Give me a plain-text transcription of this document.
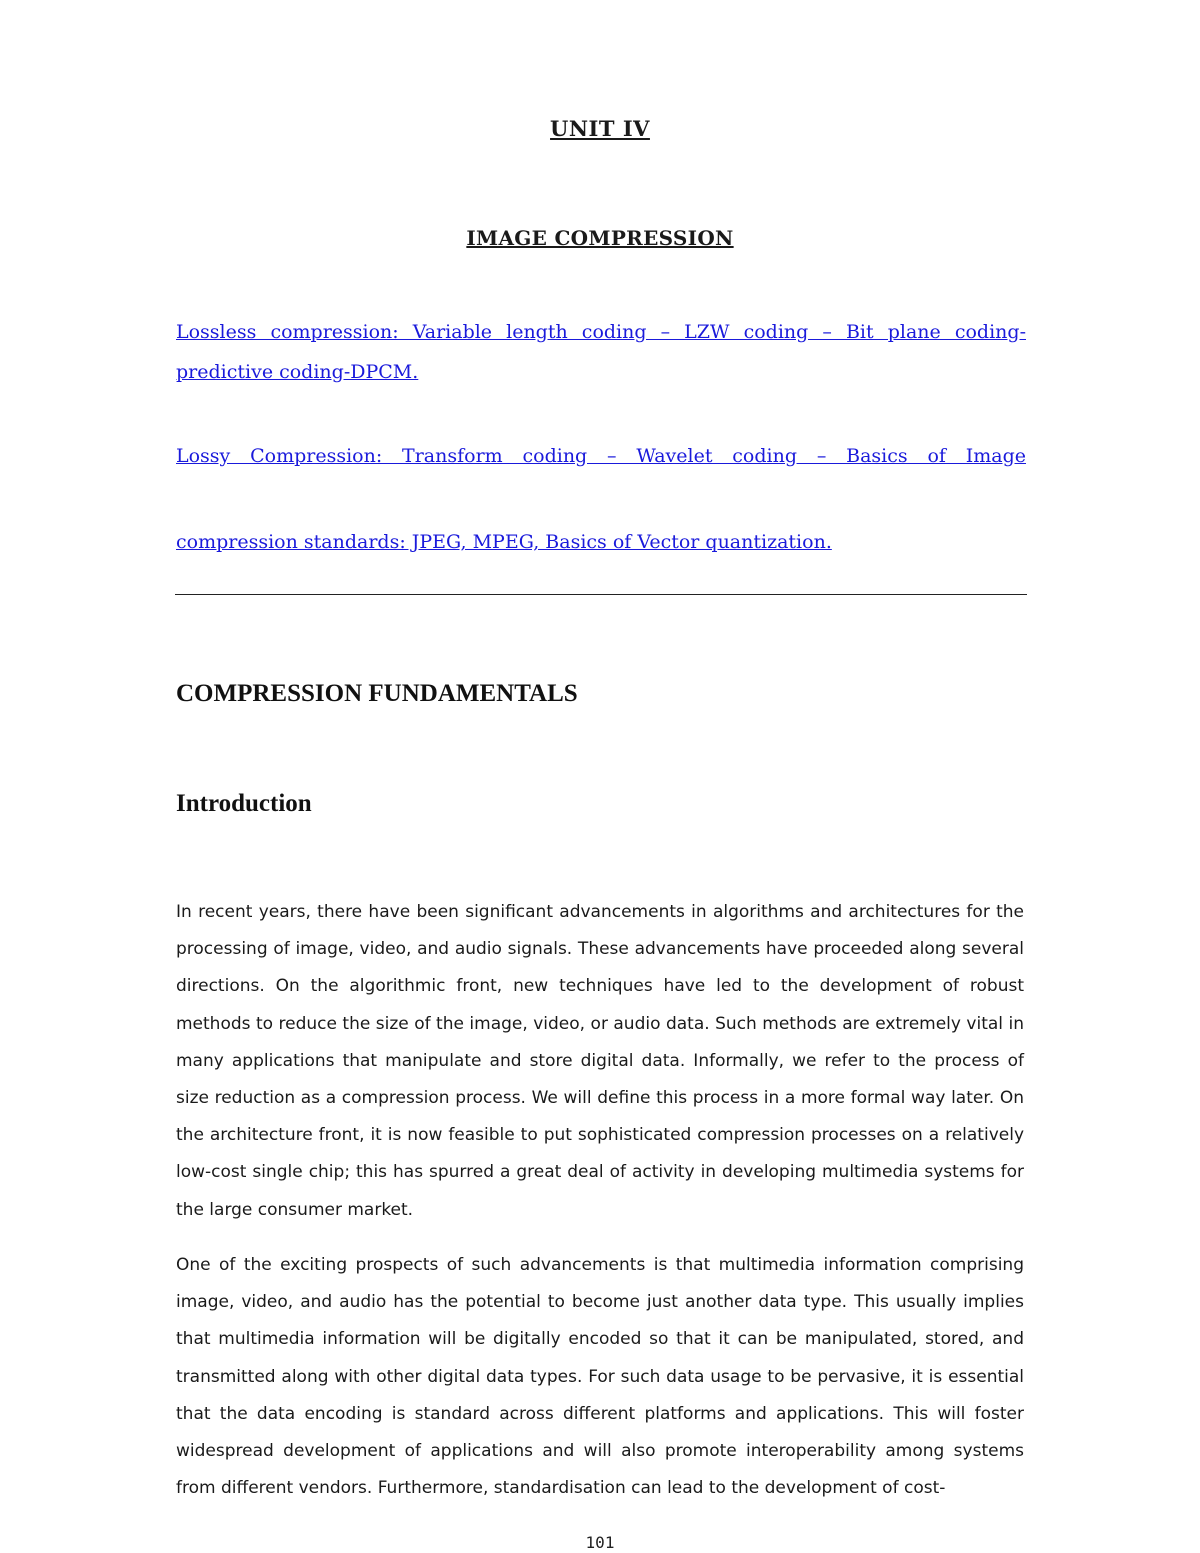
UNIT IV
IMAGE COMPRESSION
Lossless compression: Variable length coding – LZW coding – Bit plane coding-
predictive coding-DPCM.
Lossy Compression: Transform coding – Wavelet coding – Basics of Image
compression standards: JPEG, MPEG, Basics of Vector quantization.
COMPRESSION FUNDAMENTALS
Introduction

In recent years, there have been significant advancements in algorithms and architectures for the processing of image, video, and audio signals. These advancements have proceeded along several directions. On the algorithmic front, new techniques have led to the development of robust methods to reduce the size of the image, video, or audio data. Such methods are extremely vital in many applications that manipulate and store digital data. Informally, we refer to the process of size reduction as a compression process. We will define this process in a more formal way later. On the architecture front, it is now feasible to put sophisticated compression processes on a relatively low-cost single chip; this has spurred a great deal of activity in developing multimedia systems for the large consumer market.

One of the exciting prospects of such advancements is that multimedia information comprising image, video, and audio has the potential to become just another data type. This usually implies that multimedia information will be digitally encoded so that it can be manipulated, stored, and transmitted along with other digital data types. For such data usage to be pervasive, it is essential that the data encoding is standard across different platforms and applications. This will foster widespread development of applications and will also promote interoperability among systems from different vendors. Furthermore, standardisation can lead to the development of cost-

101
